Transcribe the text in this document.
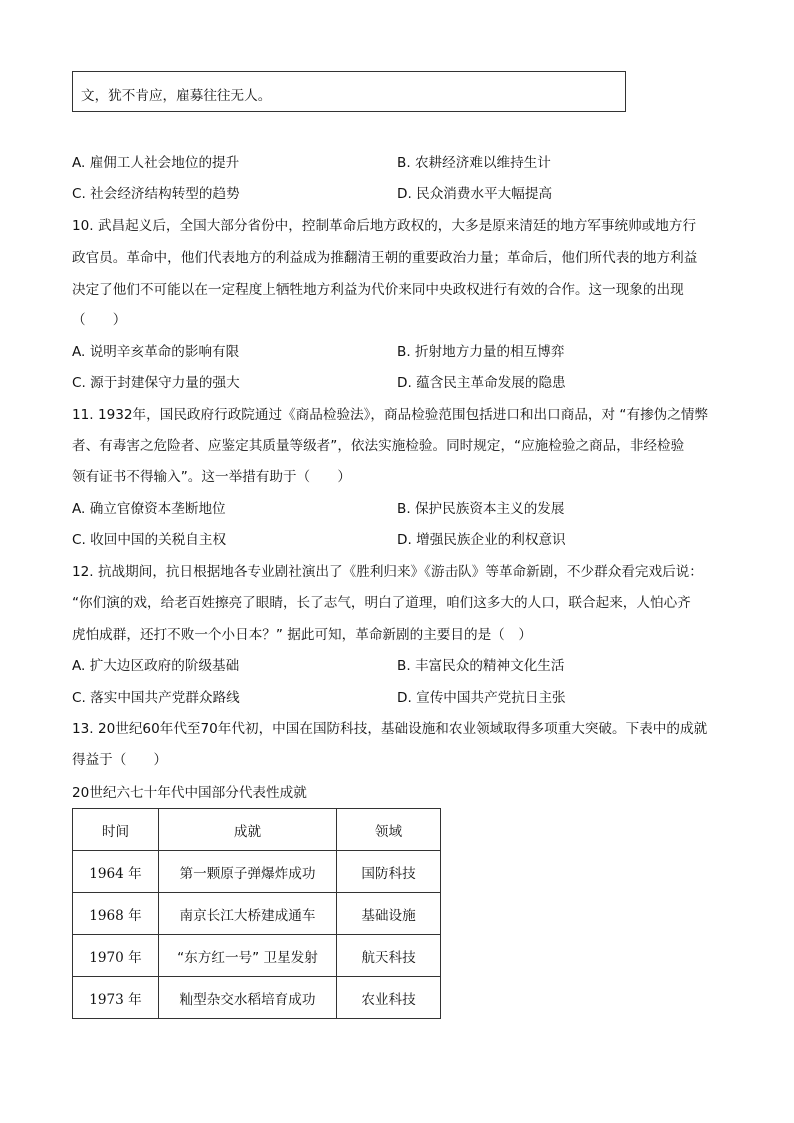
文，犹不肯应，雇募往往无人。
A. 雇佣工人社会地位的提升	B. 农耕经济难以维持生计
C. 社会经济结构转型的趋势	D. 民众消费水平大幅提高
10. 武昌起义后，全国大部分省份中，控制革命后地方政权的，大多是原来清廷的地方军事统帅或地方行
政官员。革命中，他们代表地方的利益成为推翻清王朝的重要政治力量；革命后，他们所代表的地方利益
决定了他们不可能以在一定程度上牺牲地方利益为代价来同中央政权进行有效的合作。这一现象的出现
（　　）
A. 说明辛亥革命的影响有限	B. 折射地方力量的相互博弈
C. 源于封建保守力量的强大	D. 蕴含民主革命发展的隐患
11. 1932年，国民政府行政院通过《商品检验法》，商品检验范围包括进口和出口商品，对 “有掺伪之情弊
者、有毒害之危险者、应鉴定其质量等级者”，依法实施检验。同时规定，“应施检验之商品，非经检验
领有证书不得输入”。这一举措有助于（　　）
A. 确立官僚资本垄断地位	B. 保护民族资本主义的发展
C. 收回中国的关税自主权	D. 增强民族企业的利权意识
12. 抗战期间，抗日根据地各专业剧社演出了《胜利归来》《游击队》等革命新剧，不少群众看完戏后说：
“你们演的戏，给老百姓擦亮了眼睛，长了志气，明白了道理，咱们这多大的人口，联合起来，人怕心齐
虎怕成群，还打不败一个小日本？” 据此可知，革命新剧的主要目的是（　）
A. 扩大边区政府的阶级基础	B. 丰富民众的精神文化生活
C. 落实中国共产党群众路线	D. 宣传中国共产党抗日主张
13. 20世纪60年代至70年代初，中国在国防科技，基础设施和农业领域取得多项重大突破。下表中的成就
得益于（　　）
20世纪六七十年代中国部分代表性成就
时间	成就	领域
1964 年	第一颗原子弹爆炸成功	国防科技
1968 年	南京长江大桥建成通车	基础设施
1970 年	“东方红一号” 卫星发射	航天科技
1973 年	籼型杂交水稻培育成功	农业科技
